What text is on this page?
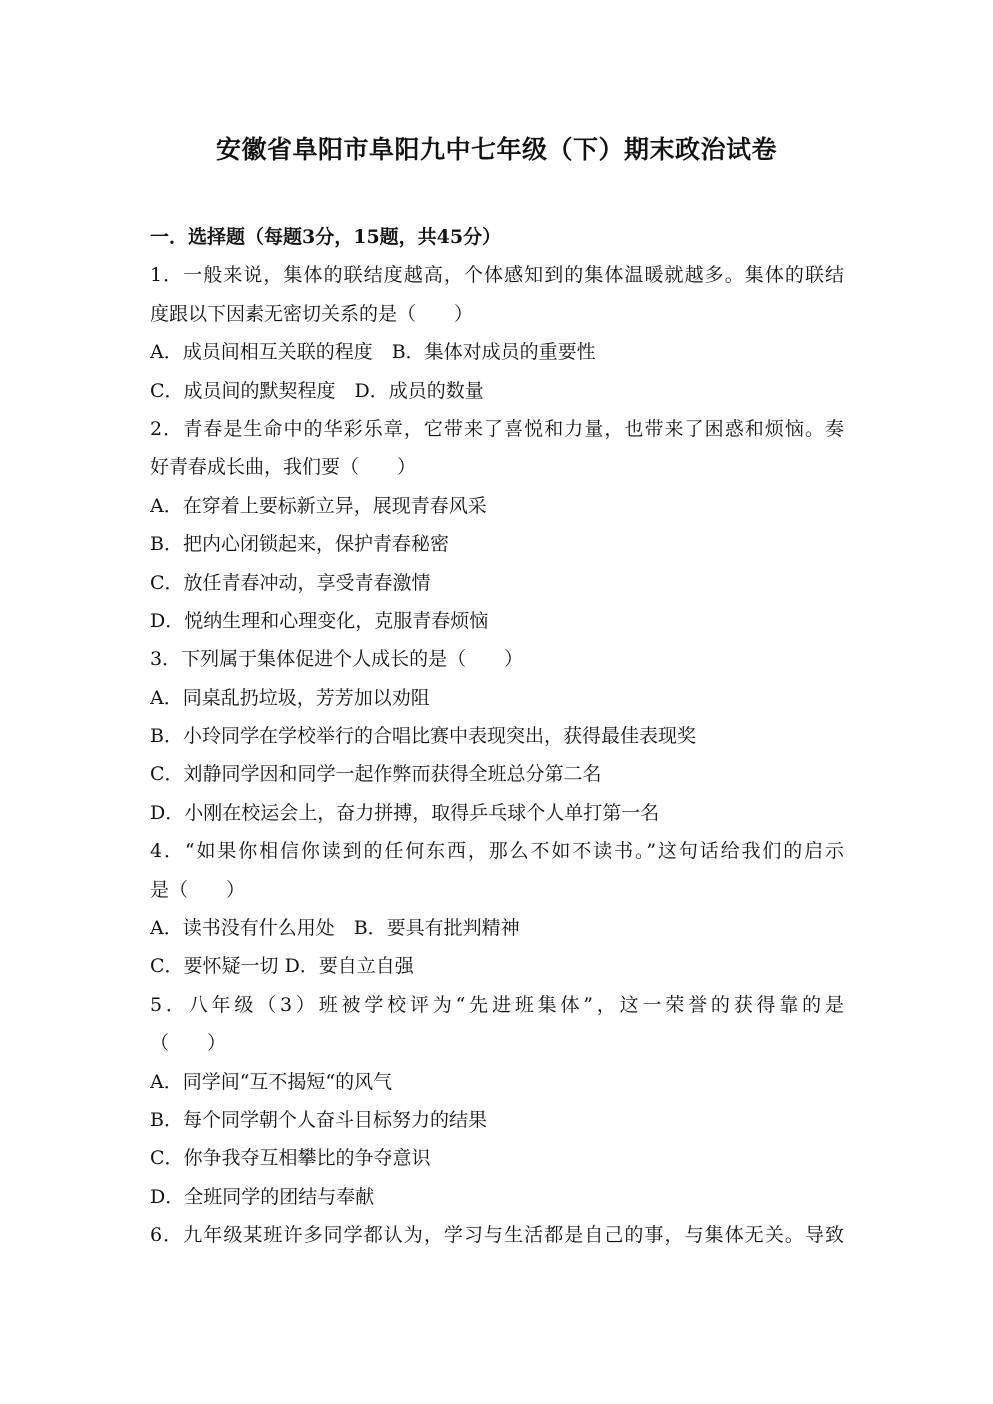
安徽省阜阳市阜阳九中七年级（下）期末政治试卷
一．选择题（每题3分，15题，共45分）
1．一般来说，集体的联结度越高，个体感知到的集体温暖就越多。集体的联结
度跟以下因素无密切关系的是（　　）
A．成员间相互关联的程度　B．集体对成员的重要性
C．成员间的默契程度　D．成员的数量
2．青春是生命中的华彩乐章，它带来了喜悦和力量，也带来了困惑和烦恼。奏
好青春成长曲，我们要（　　）
A．在穿着上要标新立异，展现青春风采
B．把内心闭锁起来，保护青春秘密
C．放任青春冲动，享受青春激情
D．悦纳生理和心理变化，克服青春烦恼
3．下列属于集体促进个人成长的是（　　）
A．同桌乱扔垃圾，芳芳加以劝阻
B．小玲同学在学校举行的合唱比赛中表现突出，获得最佳表现奖
C．刘静同学因和同学一起作弊而获得全班总分第二名
D．小刚在校运会上，奋力拼搏，取得乒乓球个人单打第一名
4．“如果你相信你读到的任何东西，那么不如不读书。”这句话给我们的启示
是（　　）
A．读书没有什么用处　B．要具有批判精神
C．要怀疑一切 D．要自立自强
5．八年级（3）班被学校评为“先进班集体”，这一荣誉的获得靠的是
（　　）
A．同学间“互不揭短“的风气
B．每个同学朝个人奋斗目标努力的结果
C．你争我夺互相攀比的争夺意识
D．全班同学的团结与奉献
6．九年级某班许多同学都认为，学习与生活都是自己的事，与集体无关。导致
